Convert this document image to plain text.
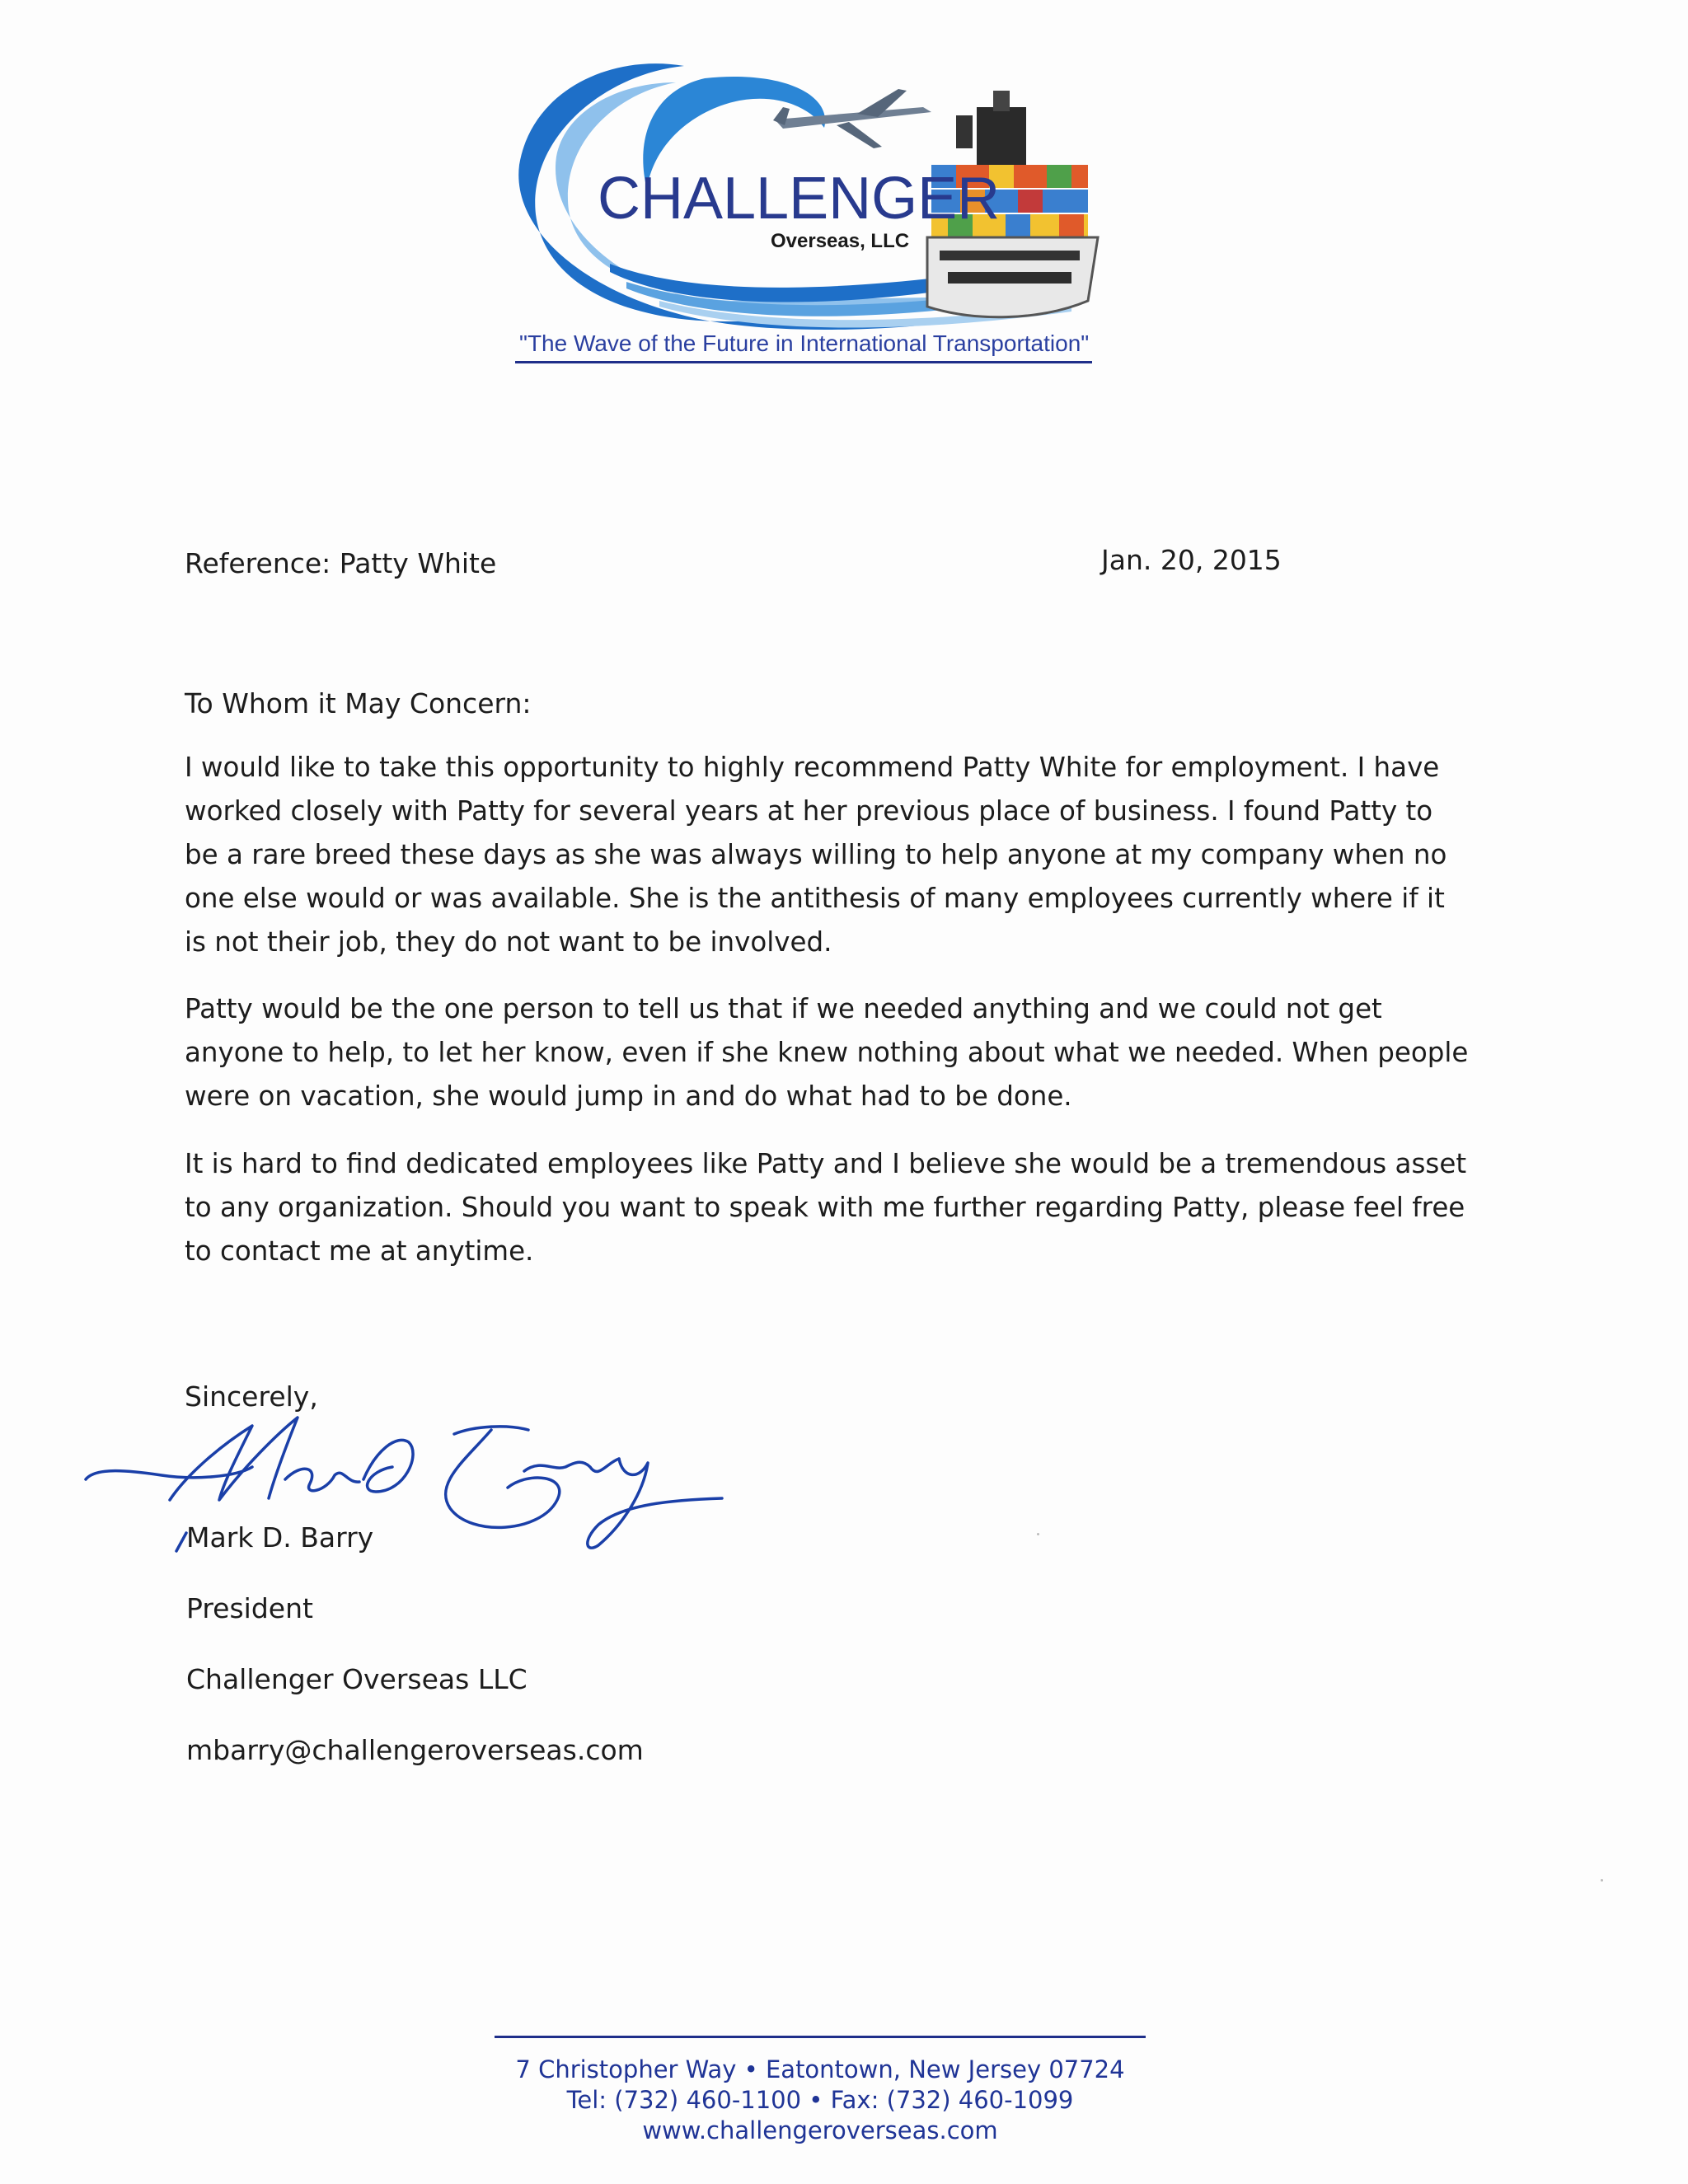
CHALLENGER
Overseas, LLC
"The Wave of the Future in International Transportation"
Reference: Patty White	Jan. 20, 2015
To Whom it May Concern:
I would like to take this opportunity to highly recommend Patty White for employment. I have worked closely with Patty for several years at her previous place of business. I found Patty to be a rare breed these days as she was always willing to help anyone at my company when no one else would or was available. She is the antithesis of many employees currently where if it is not their job, they do not want to be involved.
Patty would be the one person to tell us that if we needed anything and we could not get anyone to help, to let her know, even if she knew nothing about what we needed. When people were on vacation, she would jump in and do what had to be done.
It is hard to find dedicated employees like Patty and I believe she would be a tremendous asset to any organization. Should you want to speak with me further regarding Patty, please feel free to contact me at anytime.
Sincerely,
Mark D. Barry
President
Challenger Overseas LLC
mbarry@challengeroverseas.com
7 Christopher Way • Eatontown, New Jersey 07724
Tel: (732) 460-1100 • Fax: (732) 460-1099
www.challengeroverseas.com
